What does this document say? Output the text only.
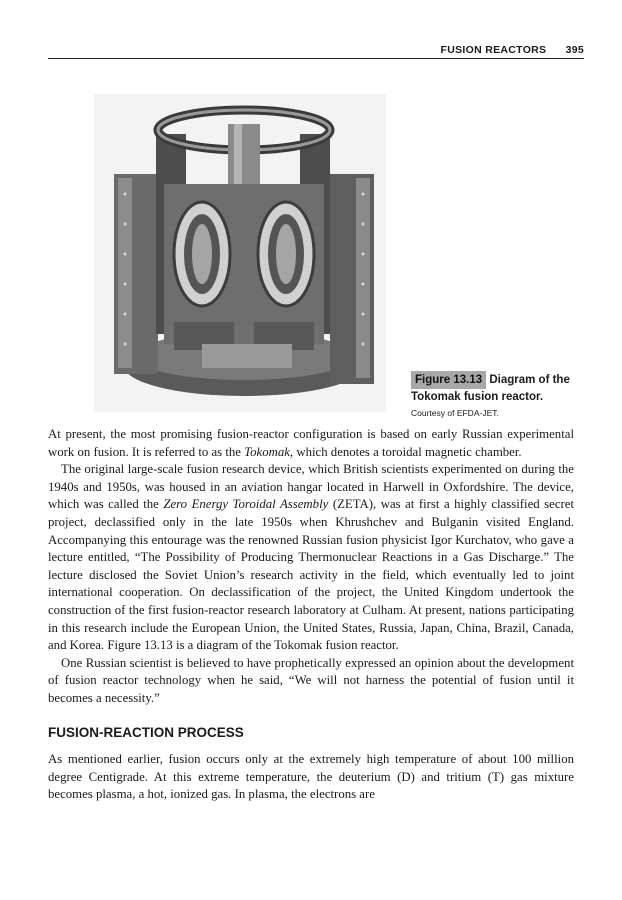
FUSION REACTORS 395
Figure 13.13 Diagram of the Tokomak fusion reactor.
Courtesy of EFDA-JET.

At present, the most promising fusion-reactor configuration is based on early Russian experimental work on fusion. It is referred to as the Tokomak, which denotes a toroidal magnetic chamber.

The original large-scale fusion research device, which British scientists experimented on during the 1940s and 1950s, was housed in an aviation hangar located in Harwell in Oxfordshire. The device, which was called the Zero Energy Toroidal Assembly (ZETA), was at first a highly classified secret project, declassified only in the late 1950s when Khrushchev and Bulganin visited England. Accompanying this entourage was the renowned Russian fusion physicist Igor Kurchatov, who gave a lecture entitled, “The Possibility of Producing Thermonuclear Reactions in a Gas Discharge.” The lecture disclosed the Soviet Union’s research activity in the field, which eventually led to joint international cooperation. On declassification of the project, the United Kingdom undertook the construction of the first fusion-reactor research laboratory at Culham. At present, nations participating in this research include the European Union, the United States, Russia, Japan, China, Brazil, Canada, and Korea. Figure 13.13 is a diagram of the Tokomak fusion reactor.

One Russian scientist is believed to have prophetically expressed an opinion about the development of fusion reactor technology when he said, “We will not harness the potential of fusion until it becomes a necessity.”

FUSION-REACTION PROCESS

As mentioned earlier, fusion occurs only at the extremely high temperature of about 100 million degree Centigrade. At this extreme temperature, the deuterium (D) and tritium (T) gas mixture becomes plasma, a hot, ionized gas. In plasma, the electrons are
